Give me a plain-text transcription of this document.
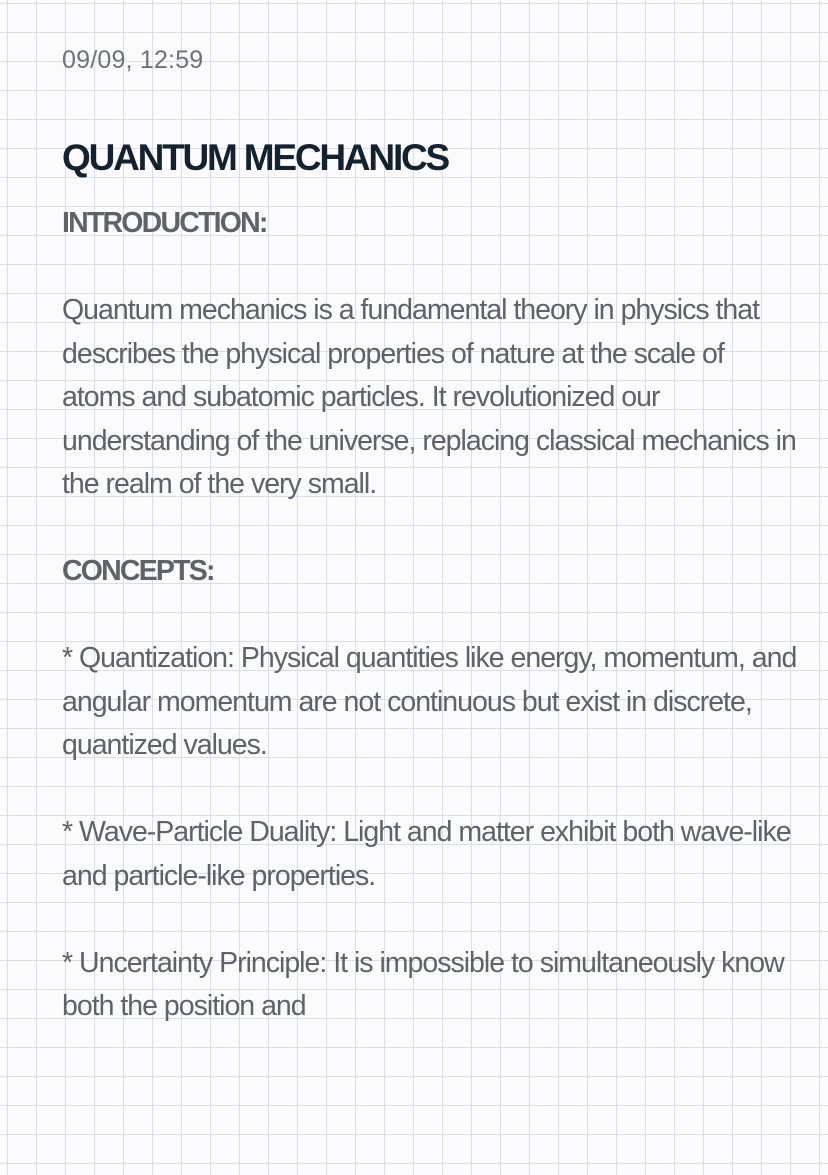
09/09, 12:59
QUANTUM MECHANICS
INTRODUCTION:

Quantum mechanics is a fundamental theory in physics that describes the physical properties of nature at the scale of atoms and subatomic particles. It revolutionized our understanding of the universe, replacing classical mechanics in the realm of the very small.

CONCEPTS:

* Quantization: Physical quantities like energy, momentum, and angular momentum are not continuous but exist in discrete, quantized values.

* Wave-Particle Duality: Light and matter exhibit both wave-like and particle-like properties.

* Uncertainty Principle: It is impossible to simultaneously know both the position and
